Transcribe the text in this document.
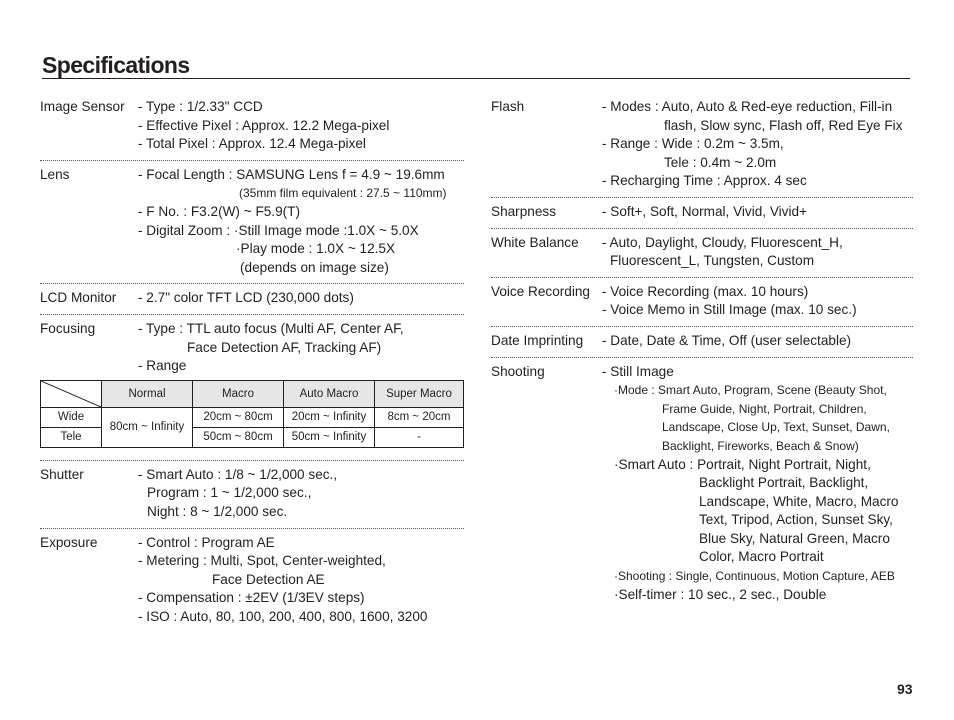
Specifications
Image Sensor - Type : 1/2.33" CCD
- Effective Pixel : Approx. 12.2 Mega-pixel
- Total Pixel : Approx. 12.4 Mega-pixel
Lens	- Focal Length : SAMSUNG Lens f = 4.9 ~ 19.6mm
(35mm film equivalent : 27.5 ~ 110mm)
- F No. : F3.2(W) ~ F5.9(T)
- Digital Zoom : ·Still Image mode :1.0X ~ 5.0X
·Play mode : 1.0X ~ 12.5X
(depends on image size)
LCD Monitor	- 2.7" color TFT LCD (230,000 dots)
Focusing	- Type : TTL auto focus (Multi AF, Center AF,
Face Detection AF, Tracking AF)
- Range
	Normal	Macro	Auto Macro	Super Macro
Wide	80cm ~ Infinity	20cm ~ 80cm	20cm ~ Infinity	8cm ~ 20cm
Tele		50cm ~ 80cm	50cm ~ Infinity	-
Shutter	- Smart Auto : 1/8 ~ 1/2,000 sec.,
Program : 1 ~ 1/2,000 sec.,
Night : 8 ~ 1/2,000 sec.
Exposure	- Control : Program AE
- Metering : Multi, Spot, Center-weighted,
Face Detection AE
- Compensation : ±2EV (1/3EV steps)
- ISO : Auto, 80, 100, 200, 400, 800, 1600, 3200
Flash	- Modes : Auto, Auto & Red-eye reduction, Fill-in
flash, Slow sync, Flash off, Red Eye Fix
- Range : Wide : 0.2m ~ 3.5m,
Tele : 0.4m ~ 2.0m
- Recharging Time : Approx. 4 sec
Sharpness	- Soft+, Soft, Normal, Vivid, Vivid+
White Balance	- Auto, Daylight, Cloudy, Fluorescent_H,
Fluorescent_L, Tungsten, Custom
Voice Recording - Voice Recording (max. 10 hours)
- Voice Memo in Still Image (max. 10 sec.)
Date Imprinting	- Date, Date & Time, Off (user selectable)
Shooting	- Still Image
·Mode : Smart Auto, Program, Scene (Beauty Shot,
Frame Guide, Night, Portrait, Children,
Landscape, Close Up, Text, Sunset, Dawn,
Backlight, Fireworks, Beach & Snow)
·Smart Auto : Portrait, Night Portrait, Night,
Backlight Portrait, Backlight,
Landscape, White, Macro, Macro
Text, Tripod, Action, Sunset Sky,
Blue Sky, Natural Green, Macro
Color, Macro Portrait
·Shooting : Single, Continuous, Motion Capture, AEB
·Self-timer : 10 sec., 2 sec., Double
93
